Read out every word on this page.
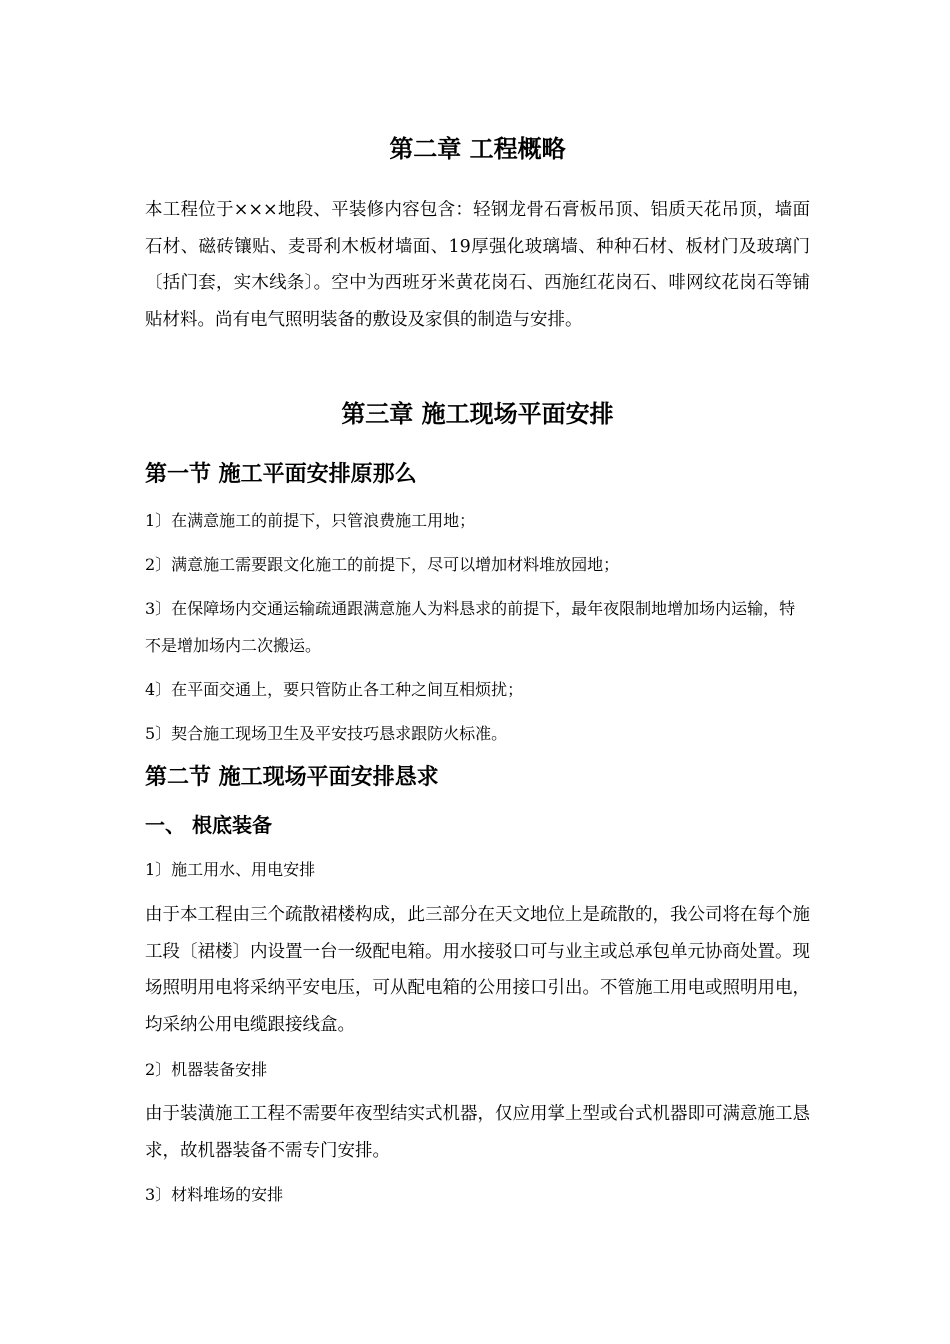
第二章 工程概略

本工程位于×××地段、平装修内容包含：轻钢龙骨石膏板吊顶、铝质天花吊顶，墙面石材、磁砖镶贴、麦哥利木板材墙面、19厚强化玻璃墙、种种石材、板材门及玻璃门〔括门套，实木线条〕。空中为西班牙米黄花岗石、西施红花岗石、啡网纹花岗石等铺贴材料。尚有电气照明装备的敷设及家俱的制造与安排。

第三章 施工现场平面安排
第一节 施工平面安排原那么

1〕在满意施工的前提下，只管浪费施工用地；

2〕满意施工需要跟文化施工的前提下，尽可以增加材料堆放园地；

3〕在保障场内交通运输疏通跟满意施人为料恳求的前提下，最年夜限制地增加场内运输，特不是增加场内二次搬运。

4〕在平面交通上，要只管防止各工种之间互相烦扰；

5〕契合施工现场卫生及平安技巧恳求跟防火标准。

第二节 施工现场平面安排恳求
一、 根底装备

1〕施工用水、用电安排

由于本工程由三个疏散裙楼构成，此三部分在天文地位上是疏散的，我公司将在每个施工段〔裙楼〕内设置一台一级配电箱。用水接驳口可与业主或总承包单元协商处置。现场照明用电将采纳平安电压，可从配电箱的公用接口引出。不管施工用电或照明用电，均采纳公用电缆跟接线盒。

2〕机器装备安排

由于装潢施工工程不需要年夜型结实式机器，仅应用掌上型或台式机器即可满意施工恳求，故机器装备不需专门安排。

3〕材料堆场的安排
